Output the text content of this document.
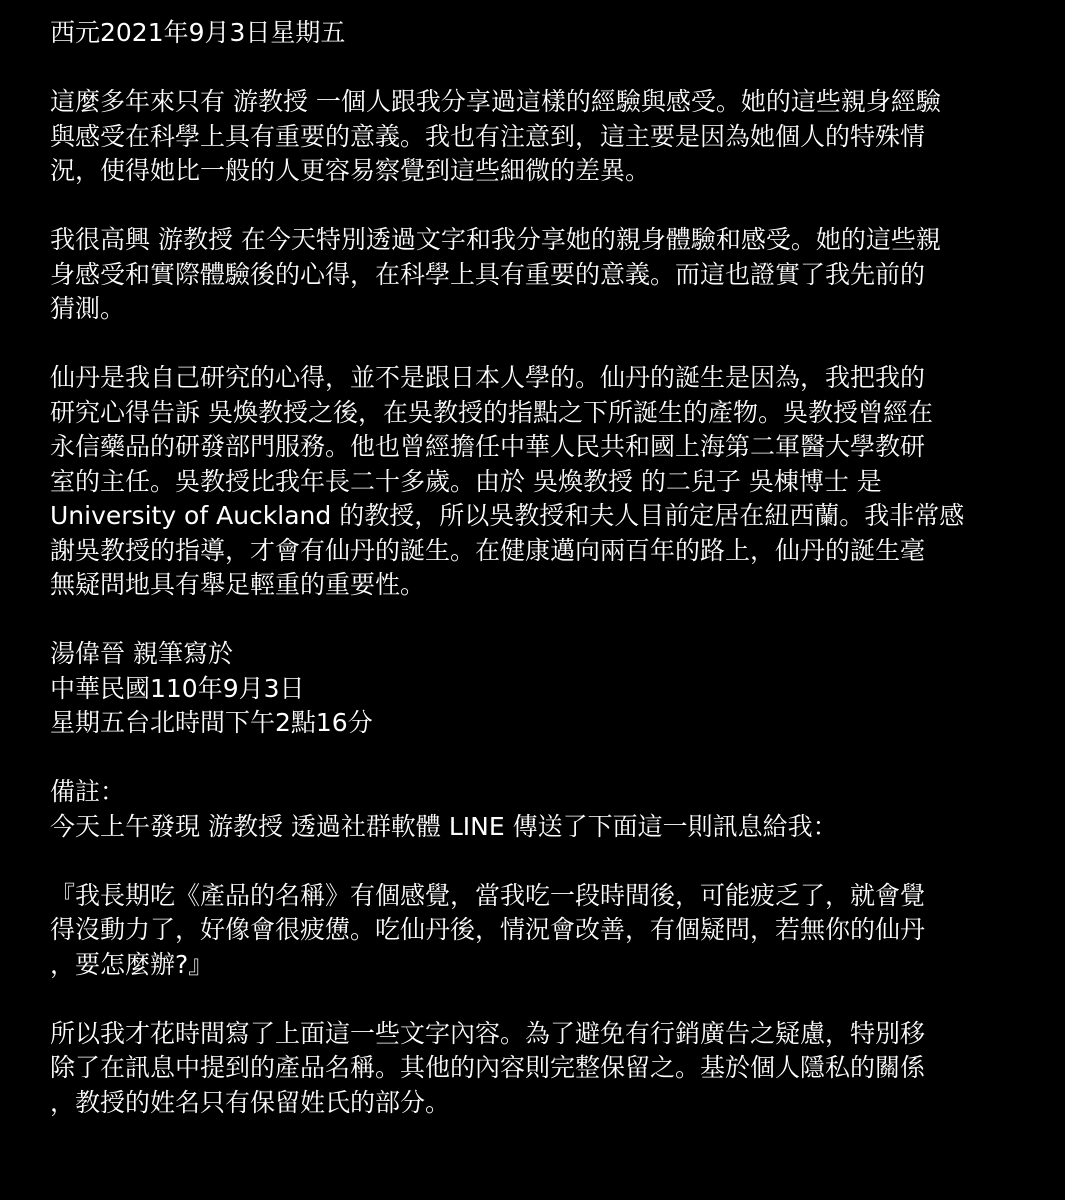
西元2021年9月3日星期五
這麼多年來只有 游教授 一個人跟我分享過這樣的經驗與感受。她的這些親身經驗
與感受在科學上具有重要的意義。我也有注意到，這主要是因為她個人的特殊情
況，使得她比一般的人更容易察覺到這些細微的差異。
我很高興 游教授 在今天特別透過文字和我分享她的親身體驗和感受。她的這些親
身感受和實際體驗後的心得，在科學上具有重要的意義。而這也證實了我先前的
猜測。
仙丹是我自己研究的心得，並不是跟日本人學的。仙丹的誕生是因為，我把我的
研究心得告訴 吳煥教授之後，在吳教授的指點之下所誕生的產物。吳教授曾經在
永信藥品的研發部門服務。他也曾經擔任中華人民共和國上海第二軍醫大學教研
室的主任。吳教授比我年長二十多歲。由於 吳煥教授 的二兒子 吳棟博士 是
University of Auckland 的教授，所以吳教授和夫人目前定居在紐西蘭。我非常感
謝吳教授的指導，才會有仙丹的誕生。在健康邁向兩百年的路上，仙丹的誕生毫
無疑問地具有舉足輕重的重要性。
湯偉晉 親筆寫於
中華民國110年9月3日
星期五台北時間下午2點16分
備註：
今天上午發現 游教授 透過社群軟體 LINE 傳送了下面這一則訊息給我：
『我長期吃《產品的名稱》有個感覺，當我吃一段時間後，可能疲乏了，就會覺
得沒動力了，好像會很疲憊。吃仙丹後，情況會改善，有個疑問，若無你的仙丹
，要怎麼辦?』
所以我才花時間寫了上面這一些文字內容。為了避免有行銷廣告之疑慮，特別移
除了在訊息中提到的產品名稱。其他的內容則完整保留之。基於個人隱私的關係
，教授的姓名只有保留姓氏的部分。
